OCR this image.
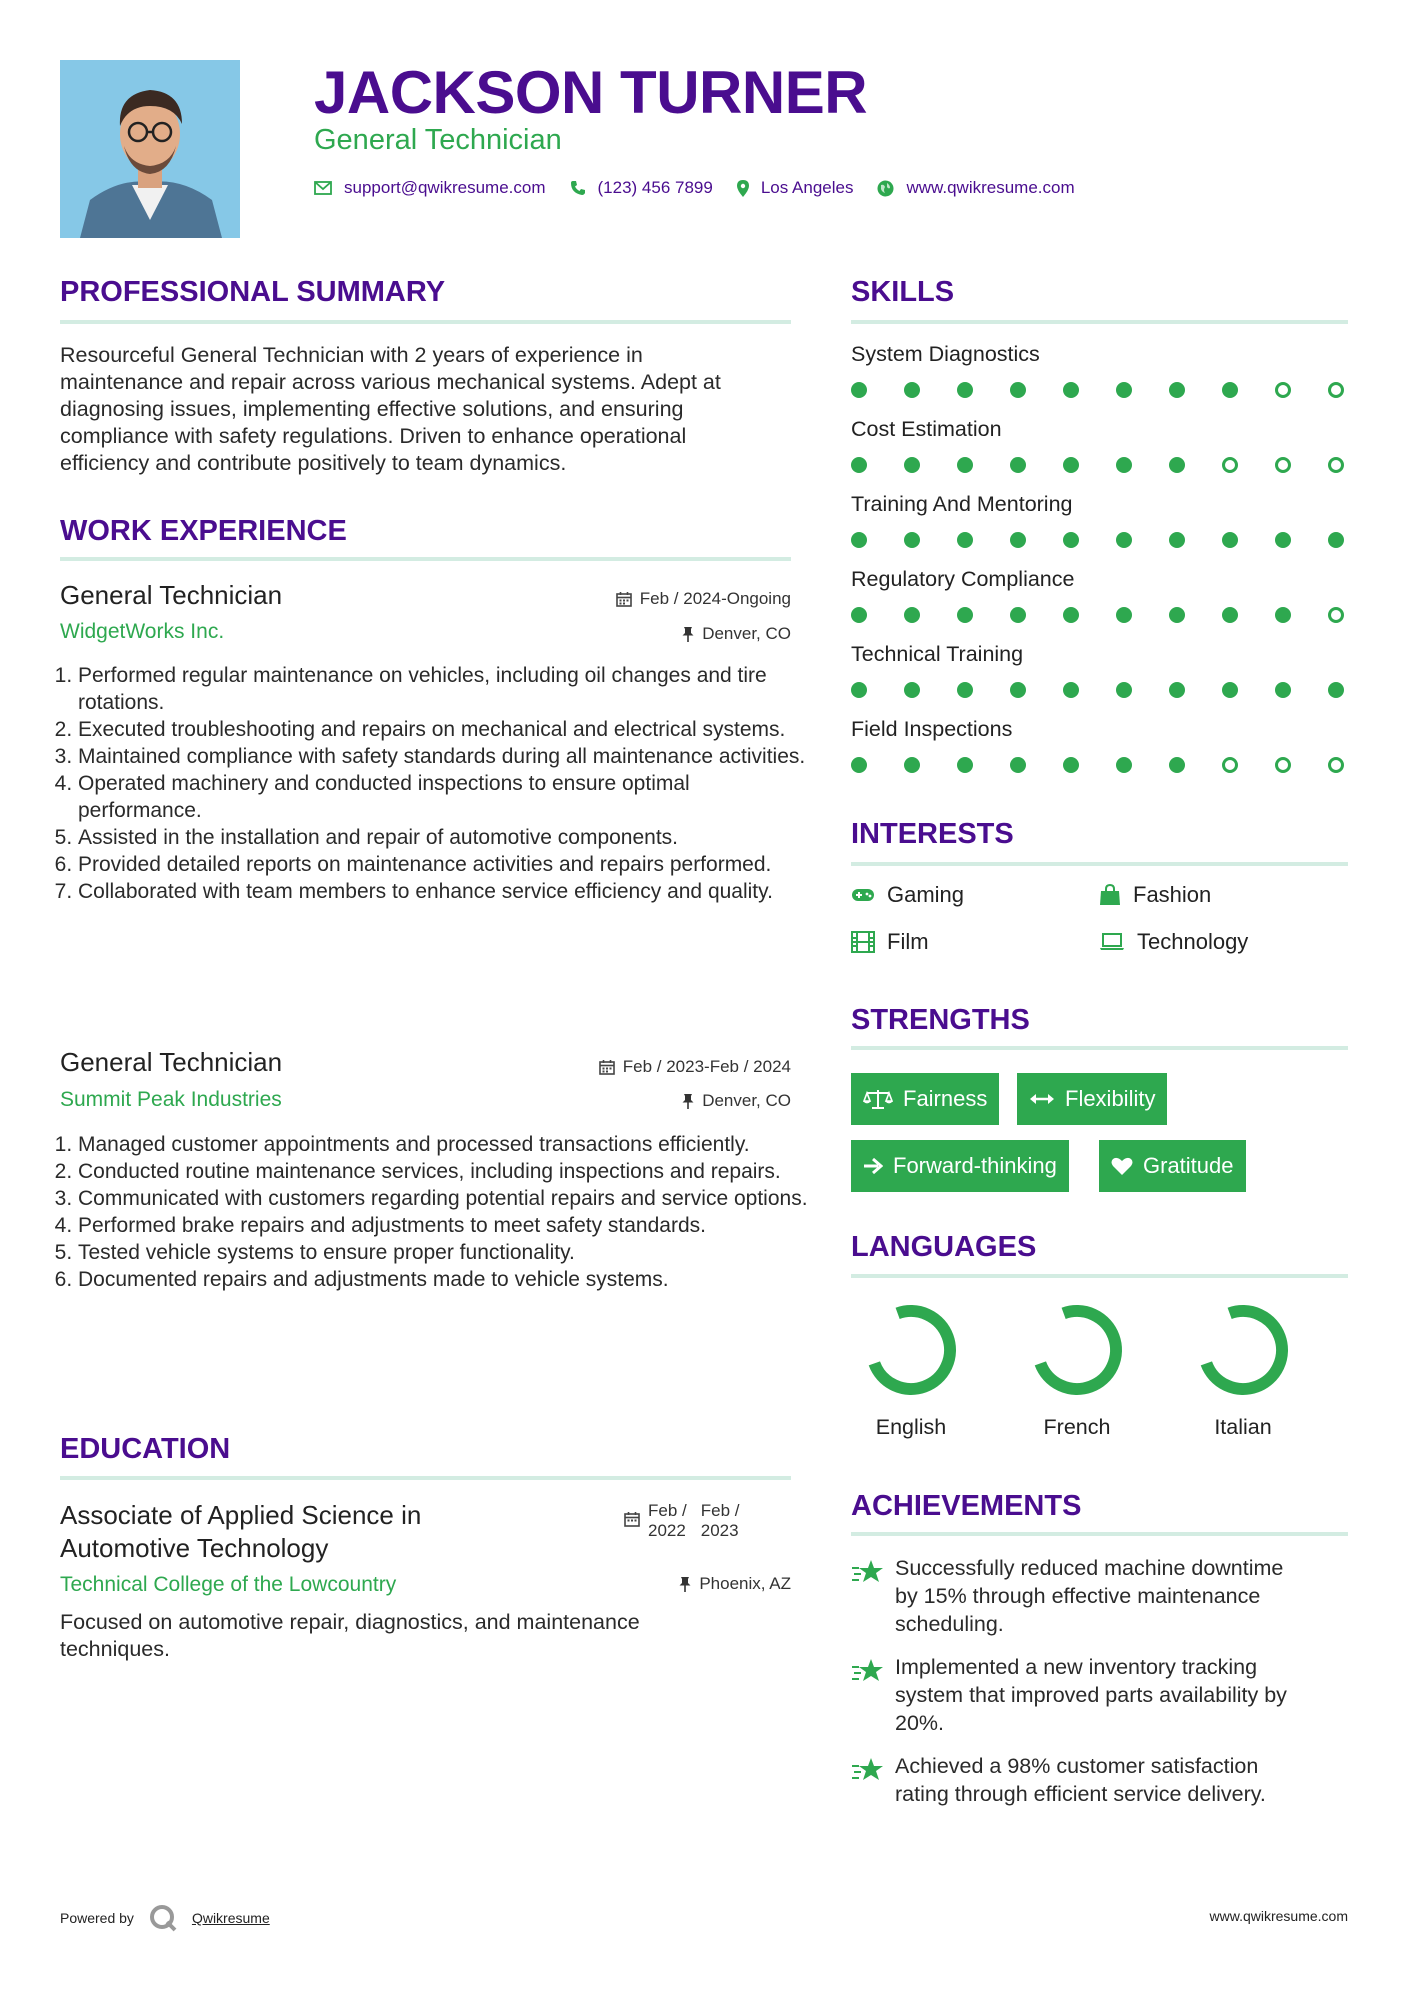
JACKSON TURNER
General Technician
support@qwikresume.com	(123) 456 7899	Los Angeles	www.qwikresume.com
PROFESSIONAL SUMMARY
Resourceful General Technician with 2 years of experience in
maintenance and repair across various mechanical systems. Adept at
diagnosing issues, implementing effective solutions, and ensuring
compliance with safety regulations. Driven to enhance operational
efficiency and contribute positively to team dynamics.
WORK EXPERIENCE
General Technician	Feb / 2024-Ongoing
WidgetWorks Inc.	Denver, CO
1. Performed regular maintenance on vehicles, including oil changes and tire rotations.
2. Executed troubleshooting and repairs on mechanical and electrical systems.
3. Maintained compliance with safety standards during all maintenance activities.
4. Operated machinery and conducted inspections to ensure optimal performance.
5. Assisted in the installation and repair of automotive components.
6. Provided detailed reports on maintenance activities and repairs performed.
7. Collaborated with team members to enhance service efficiency and quality.
General Technician	Feb / 2023-Feb / 2024
Summit Peak Industries	Denver, CO
1. Managed customer appointments and processed transactions efficiently.
2. Conducted routine maintenance services, including inspections and repairs.
3. Communicated with customers regarding potential repairs and service options.
4. Performed brake repairs and adjustments to meet safety standards.
5. Tested vehicle systems to ensure proper functionality.
6. Documented repairs and adjustments made to vehicle systems.
EDUCATION
Associate of Applied Science in
Automotive Technology
Feb /
2022
Feb /
2023
Technical College of the Lowcountry	Phoenix, AZ
Focused on automotive repair, diagnostics, and maintenance
techniques.
SKILLS
System Diagnostics
Cost Estimation
Training And Mentoring
Regulatory Compliance
Technical Training
Field Inspections
INTERESTS
Gaming	Fashion
Film	Technology
STRENGTHS
Fairness	Flexibility
Forward-thinking	Gratitude
LANGUAGES
English	French	Italian
ACHIEVEMENTS
Successfully reduced machine downtime
by 15% through effective maintenance
scheduling.
Implemented a new inventory tracking
system that improved parts availability by
20%.
Achieved a 98% customer satisfaction
rating through efficient service delivery.
Powered by	Qwikresume	www.qwikresume.com
